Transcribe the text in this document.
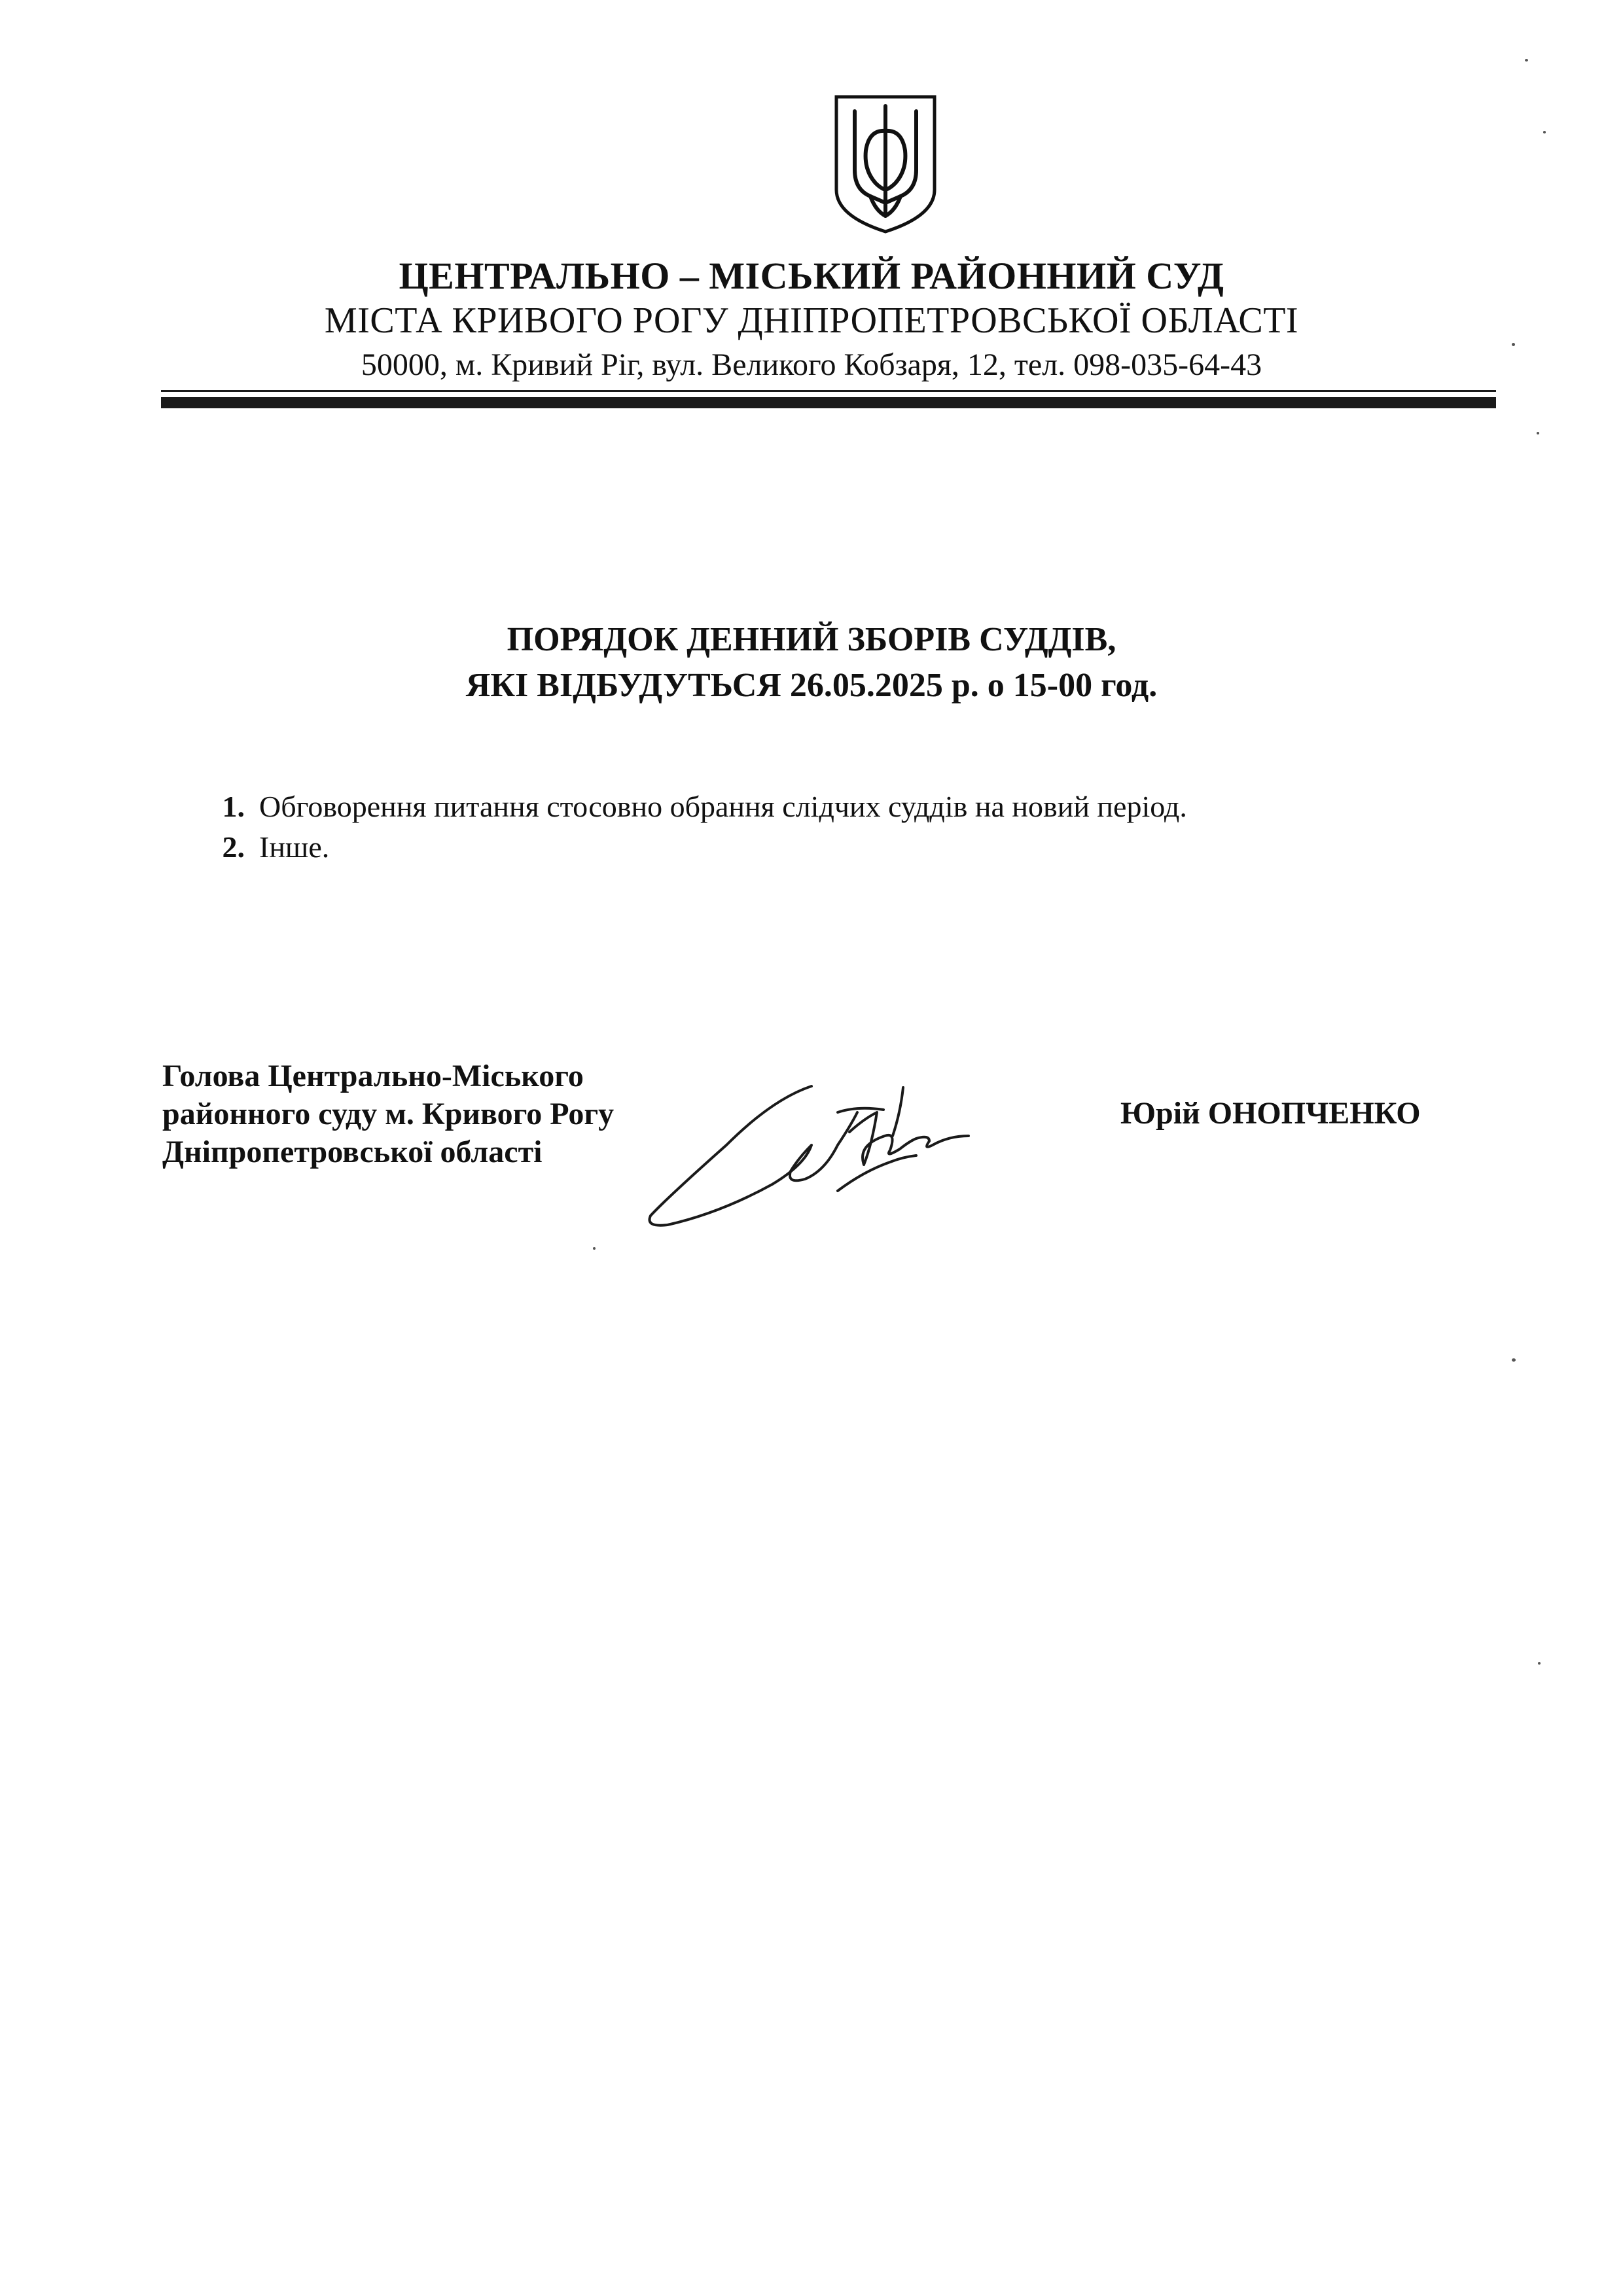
ЦЕНТРАЛЬНО – МІСЬКИЙ РАЙОННИЙ СУД
МІСТА КРИВОГО РОГУ ДНІПРОПЕТРОВСЬКОЇ ОБЛАСТІ
50000, м. Кривий Ріг, вул. Великого Кобзаря, 12, тел. 098-035-64-43
ПОРЯДОК ДЕННИЙ ЗБОРІВ СУДДІВ,
ЯКІ ВІДБУДУТЬСЯ 26.05.2025 р. о 15-00 год.
1. Обговорення питання стосовно обрання слідчих суддів на новий період.
2. Інше.
Голова Центрально-Міського
районного суду м. Кривого Рогу
Дніпропетровської області
Юрій ОНОПЧЕНКО
